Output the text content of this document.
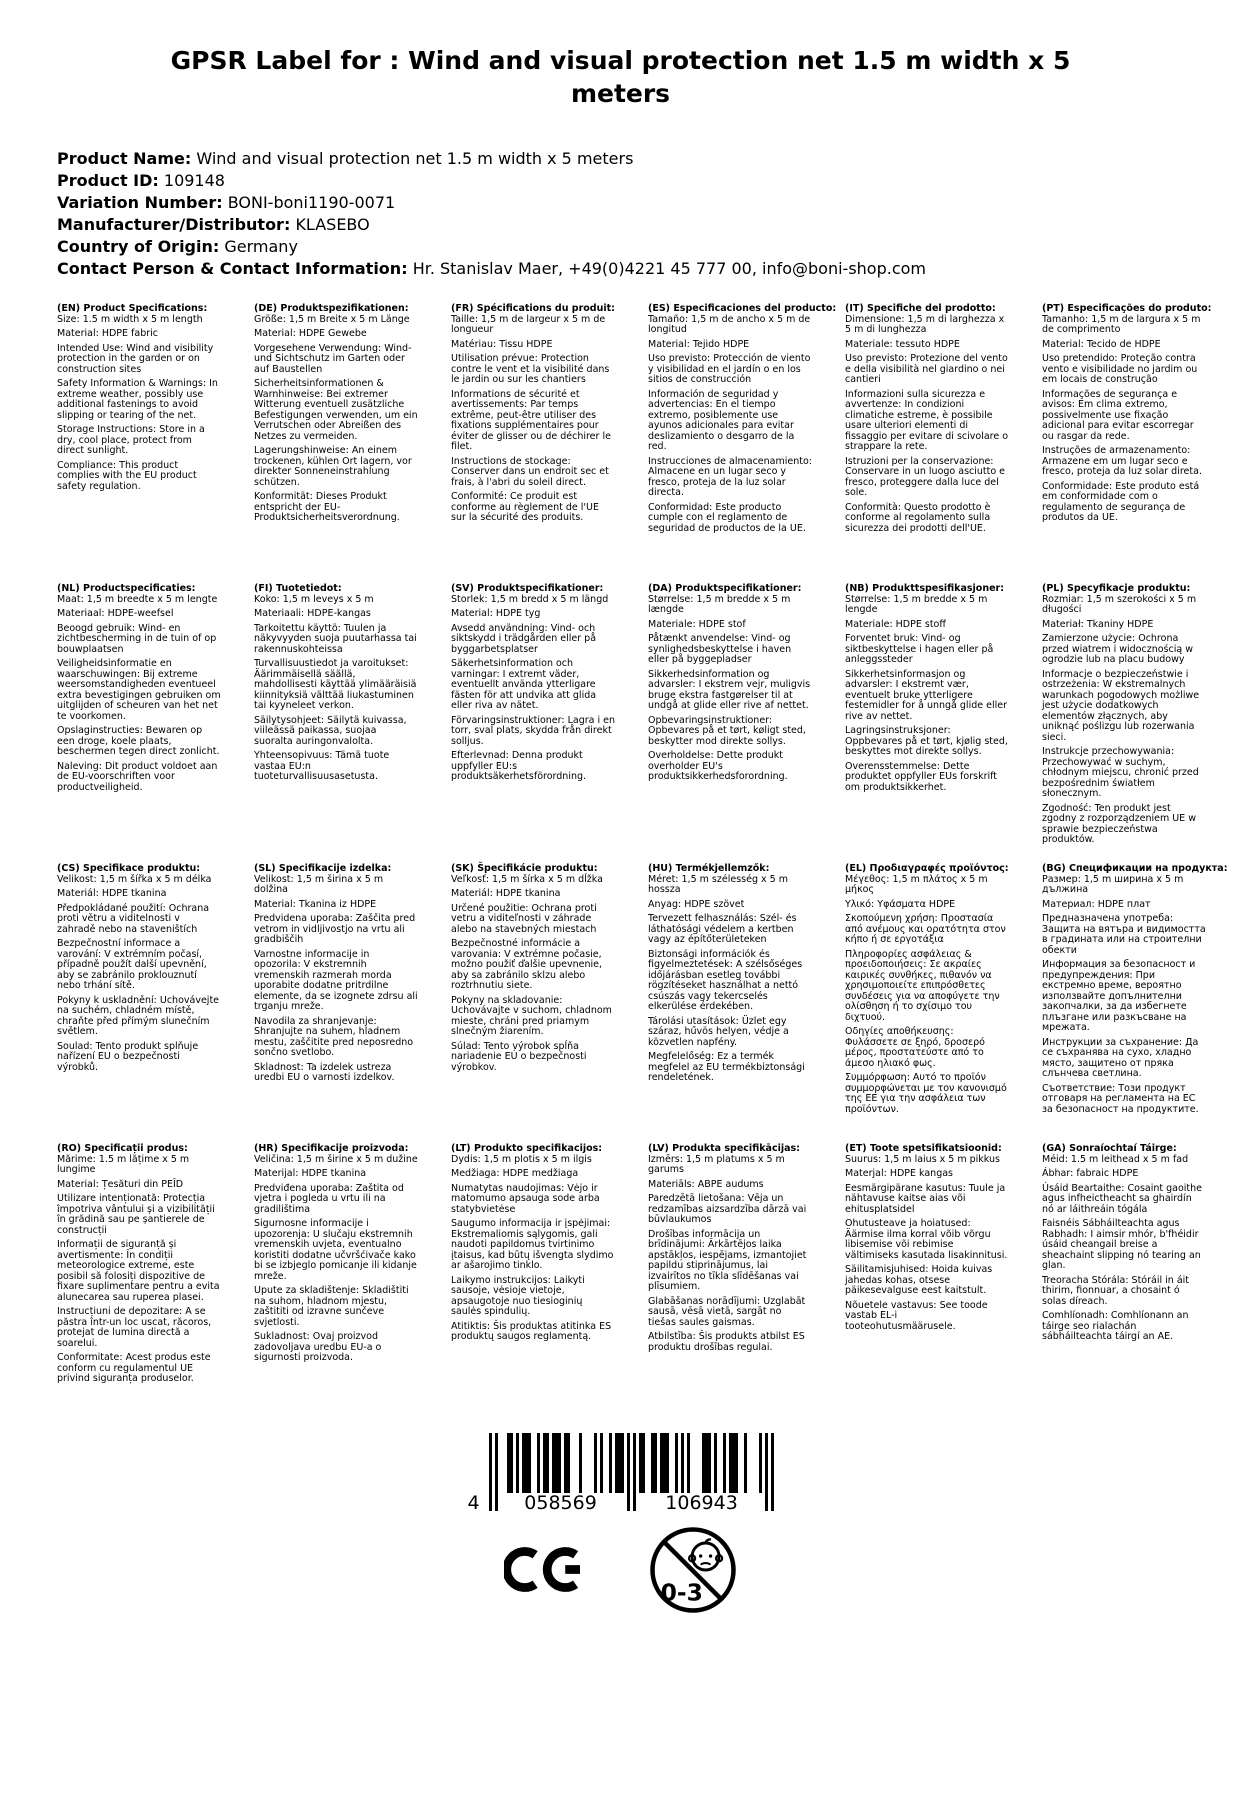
GPSR Label for : Wind and visual protection net 1.5 m width x 5 meters
Product Name: Wind and visual protection net 1.5 m width x 5 meters
Product ID: 109148
Variation Number: BONI-boni1190-0071
Manufacturer/Distributor: KLASEBO
Country of Origin: Germany
Contact Person & Contact Information: Hr. Stanislav Maer, +49(0)4221 45 777 00, info@boni-shop.com
(EN) Product Specifications:

Size: 1.5 m width x 5 m length

Material: HDPE fabric

Intended Use: Wind and visibility protection in the garden or on construction sites

Safety Information & Warnings: In extreme weather, possibly use additional fastenings to avoid slipping or tearing of the net.

Storage Instructions: Store in a dry, cool place, protect from direct sunlight.

Compliance: This product complies with the EU product safety regulation.

(DE) Produktspezifikationen:

Größe: 1,5 m Breite x 5 m Länge

Material: HDPE Gewebe

Vorgesehene Verwendung: Wind- und Sichtschutz im Garten oder auf Baustellen

Sicherheitsinformationen & Warnhinweise: Bei extremer Witterung eventuell zusätzliche Befestigungen verwenden, um ein Verrutschen oder Abreißen des Netzes zu vermeiden.

Lagerungshinweise: An einem trockenen, kühlen Ort lagern, vor direkter Sonneneinstrahlung schützen.

Konformität: Dieses Produkt entspricht der EU-Produktsicherheitsverordnung.

(FR) Spécifications du produit:

Taille: 1,5 m de largeur x 5 m de longueur

Matériau: Tissu HDPE

Utilisation prévue: Protection contre le vent et la visibilité dans le jardin ou sur les chantiers

Informations de sécurité et avertissements: Par temps extrême, peut-être utiliser des fixations supplémentaires pour éviter de glisser ou de déchirer le filet.

Instructions de stockage: Conserver dans un endroit sec et frais, à l'abri du soleil direct.

Conformité: Ce produit est conforme au règlement de l'UE sur la sécurité des produits.

(ES) Especificaciones del producto:

Tamaño: 1,5 m de ancho x 5 m de longitud

Material: Tejido HDPE

Uso previsto: Protección de viento y visibilidad en el jardín o en los sitios de construcción

Información de seguridad y advertencias: En el tiempo extremo, posiblemente use ayunos adicionales para evitar deslizamiento o desgarro de la red.

Instrucciones de almacenamiento: Almacene en un lugar seco y fresco, proteja de la luz solar directa.

Conformidad: Este producto cumple con el reglamento de seguridad de productos de la UE.

(IT) Specifiche del prodotto:

Dimensione: 1,5 m di larghezza x 5 m di lunghezza

Materiale: tessuto HDPE

Uso previsto: Protezione del vento e della visibilità nel giardino o nei cantieri

Informazioni sulla sicurezza e avvertenze: In condizioni climatiche estreme, è possibile usare ulteriori elementi di fissaggio per evitare di scivolare o strappare la rete.

Istruzioni per la conservazione: Conservare in un luogo asciutto e fresco, proteggere dalla luce del sole.

Conformità: Questo prodotto è conforme al regolamento sulla sicurezza dei prodotti dell'UE.

(PT) Especificações do produto:

Tamanho: 1,5 m de largura x 5 m de comprimento

Material: Tecido de HDPE

Uso pretendido: Proteção contra vento e visibilidade no jardim ou em locais de construção

Informações de segurança e avisos: Em clima extremo, possivelmente use fixação adicional para evitar escorregar ou rasgar da rede.

Instruções de armazenamento: Armazene em um lugar seco e fresco, proteja da luz solar direta.

Conformidade: Este produto está em conformidade com o regulamento de segurança de produtos da UE.

(NL) Productspecificaties:

Maat: 1,5 m breedte x 5 m lengte

Materiaal: HDPE-weefsel

Beoogd gebruik: Wind- en zichtbescherming in de tuin of op bouwplaatsen

Veiligheidsinformatie en waarschuwingen: Bij extreme weersomstandigheden eventueel extra bevestigingen gebruiken om uitglijden of scheuren van het net te voorkomen.

Opslaginstructies: Bewaren op een droge, koele plaats, beschermen tegen direct zonlicht.

Naleving: Dit product voldoet aan de EU-voorschriften voor productveiligheid.

(FI) Tuotetiedot:

Koko: 1,5 m leveys x 5 m

Materiaali: HDPE-kangas

Tarkoitettu käyttö: Tuulen ja näkyvyyden suoja puutarhassa tai rakennuskohteissa

Turvallisuustiedot ja varoitukset: Äärimmäisellä säällä, mahdollisesti käyttää ylimääräisiä kiinnityksiä välttää liukastuminen tai kyyneleet verkon.

Säilytysohjeet: Säilytä kuivassa, viileässä paikassa, suojaa suoralta auringonvalolta.

Yhteensopivuus: Tämä tuote vastaa EU:n tuoteturvallisuusasetusta.

(SV) Produktspecifikationer:

Storlek: 1,5 m bredd x 5 m längd

Material: HDPE tyg

Avsedd användning: Vind- och siktskydd i trädgården eller på byggarbetsplatser

Säkerhetsinformation och varningar: I extremt väder, eventuellt använda ytterligare fästen för att undvika att glida eller riva av nätet.

Förvaringsinstruktioner: Lagra i en torr, sval plats, skydda från direkt solljus.

Efterlevnad: Denna produkt uppfyller EU:s produktsäkerhetsförordning.

(DA) Produktspecifikationer:

Størrelse: 1,5 m bredde x 5 m længde

Materiale: HDPE stof

Påtænkt anvendelse: Vind- og synlighedsbeskyttelse i haven eller på byggepladser

Sikkerhedsinformation og advarsler: I ekstrem vejr, muligvis bruge ekstra fastgørelser til at undgå at glide eller rive af nettet.

Opbevaringsinstruktioner: Opbevares på et tørt, køligt sted, beskytter mod direkte sollys.

Overholdelse: Dette produkt overholder EU's produktsikkerhedsforordning.

(NB) Produkttspesifikasjoner:

Størrelse: 1,5 m bredde x 5 m lengde

Materiale: HDPE stoff

Forventet bruk: Vind- og siktbeskyttelse i hagen eller på anleggssteder

Sikkerhetsinformasjon og advarsler: I ekstremt vær, eventuelt bruke ytterligere festemidler for å unngå glide eller rive av nettet.

Lagringsinstruksjoner: Oppbevares på et tørt, kjølig sted, beskyttes mot direkte sollys.

Overensstemmelse: Dette produktet oppfyller EUs forskrift om produktsikkerhet.

(PL) Specyfikacje produktu:

Rozmiar: 1,5 m szerokości x 5 m długości

Materiał: Tkaniny HDPE

Zamierzone użycie: Ochrona przed wiatrem i widocznością w ogrodzie lub na placu budowy

Informacje o bezpieczeństwie i ostrzeżenia: W ekstremalnych warunkach pogodowych możliwe jest użycie dodatkowych elementów złącznych, aby uniknąć poślizgu lub rozerwania sieci.

Instrukcje przechowywania: Przechowywać w suchym, chłodnym miejscu, chronić przed bezpośrednim światłem słonecznym.

Zgodność: Ten produkt jest zgodny z rozporządzeniem UE w sprawie bezpieczeństwa produktów.

(CS) Specifikace produktu:

Velikost: 1,5 m šířka x 5 m délka

Materiál: HDPE tkanina

Předpokládané použití: Ochrana proti větru a viditelnosti v zahradě nebo na staveništích

Bezpečnostní informace a varování: V extrémním počasí, případně použít další upevnění, aby se zabránilo proklouznutí nebo trhání sítě.

Pokyny k uskladnění: Uchovávejte na suchém, chladném místě, chraňte před přímým slunečním světlem.

Soulad: Tento produkt splňuje nařízení EU o bezpečnosti výrobků.

(SL) Specifikacije izdelka:

Velikost: 1,5 m širina x 5 m dolžina

Material: Tkanina iz HDPE

Predvidena uporaba: Zaščita pred vetrom in vidljivostjo na vrtu ali gradbiščih

Varnostne informacije in opozorila: V ekstremnih vremenskih razmerah morda uporabite dodatne pritrdilne elemente, da se izognete zdrsu ali trganju mreže.

Navodila za shranjevanje: Shranjujte na suhem, hladnem mestu, zaščitite pred neposredno sončno svetlobo.

Skladnost: Ta izdelek ustreza uredbi EU o varnosti izdelkov.

(SK) Špecifikácie produktu:

Veľkosť: 1,5 m šírka x 5 m dĺžka

Materiál: HDPE tkanina

Určené použitie: Ochrana proti vetru a viditeľnosti v záhrade alebo na stavebných miestach

Bezpečnostné informácie a varovania: V extrémne počasie, možno použiť ďalšie upevnenie, aby sa zabránilo sklzu alebo roztrhnutiu siete.

Pokyny na skladovanie: Uchovávajte v suchom, chladnom mieste, chráni pred priamym slnečným žiarením.

Súlad: Tento výrobok spĺňa nariadenie EÚ o bezpečnosti výrobkov.

(HU) Termékjellemzők:

Méret: 1,5 m szélesség x 5 m hossza

Anyag: HDPE szövet

Tervezett felhasználás: Szél- és láthatósági védelem a kertben vagy az építőterületeken

Biztonsági információk és figyelmeztetések: A szélsőséges időjárásban esetleg további rögzítéseket használhat a nettó csúszás vagy tekercselés elkerülése érdekében.

Tárolási utasítások: Üzlet egy száraz, hűvös helyen, védje a közvetlen napfény.

Megfelelőség: Ez a termék megfelel az EU termékbiztonsági rendeletének.

(EL) Προδιαγραφές προϊόντος:

Μέγεθος: 1,5 m πλάτος x 5 m μήκος

Υλικό: Υφάσματα HDPE

Σκοπούμενη χρήση: Προστασία από ανέμους και ορατότητα στον κήπο ή σε εργοτάξια

Πληροφορίες ασφάλειας & προειδοποιήσεις: Σε ακραίες καιρικές συνθήκες, πιθανόν να χρησιμοποιείτε επιπρόσθετες συνδέσεις για να αποφύγετε την ολίσθηση ή το σχίσιμο του διχτυού.

Οδηγίες αποθήκευσης: Φυλάσσετε σε ξηρό, δροσερό μέρος, προστατεύστε από το άμεσο ηλιακό φως.

Συμμόρφωση: Αυτό το προϊόν συμμορφώνεται με τον κανονισμό της ΕΕ για την ασφάλεια των προϊόντων.

(BG) Спецификации на продукта:

Размер: 1,5 m ширина x 5 m дължина

Материал: HDPE плат

Предназначена употреба: Защита на вятъра и видимостта в градината или на строителни обекти

Информация за безопасност и предупреждения: При екстремно време, вероятно използвайте допълнителни закопчалки, за да избегнете плъзгане или разкъсване на мрежата.

Инструкции за съхранение: Да се съхранява на сухо, хладно място, защитено от пряка слънчева светлина.

Съответствие: Този продукт отговаря на регламента на ЕС за безопасност на продуктите.

(RO) Specificații produs:

Mărime: 1.5 m lățime x 5 m lungime

Material: Țesături din PEÎD

Utilizare intenționată: Protecția împotriva vântului și a vizibilității în grădină sau pe șantierele de construcții

Informații de siguranță și avertismente: În condiții meteorologice extreme, este posibil să folosiți dispozitive de fixare suplimentare pentru a evita alunecarea sau ruperea plasei.

Instrucțiuni de depozitare: A se păstra într-un loc uscat, răcoros, protejat de lumina directă a soarelui.

Conformitate: Acest produs este conform cu regulamentul UE privind siguranța produselor.

(HR) Specifikacije proizvoda:

Veličina: 1,5 m širine x 5 m dužine

Materijal: HDPE tkanina

Predviđena uporaba: Zaštita od vjetra i pogleda u vrtu ili na gradilištima

Sigurnosne informacije i upozorenja: U slučaju ekstremnih vremenskih uvjeta, eventualno koristiti dodatne učvršćivače kako bi se izbjeglo pomicanje ili kidanje mreže.

Upute za skladištenje: Skladištiti na suhom, hladnom mjestu, zaštititi od izravne sunčeve svjetlosti.

Sukladnost: Ovaj proizvod zadovoljava uredbu EU-a o sigurnosti proizvoda.

(LT) Produkto specifikacijos:

Dydis: 1,5 m plotis x 5 m ilgis

Medžiaga: HDPE medžiaga

Numatytas naudojimas: Vėjo ir matomumo apsauga sode arba statybvietėse

Saugumo informacija ir įspėjimai: Ekstremaliomis sąlygomis, gali naudoti papildomus tvirtinimo įtaisus, kad būtų išvengta slydimo ar ašarojimo tinklo.

Laikymo instrukcijos: Laikyti sausoje, vėsioje vietoje, apsaugotoje nuo tiesioginių saulės spindulių.

Atitiktis: Šis produktas atitinka ES produktų saugos reglamentą.

(LV) Produkta specifikācijas:

Izmērs: 1,5 m platums x 5 m garums

Materiāls: ABPE audums

Paredzētā lietošana: Vēja un redzamības aizsardzība dārzā vai būvlaukumos

Drošības informācija un brīdinājumi: Ārkārtējos laika apstākļos, iespējams, izmantojiet papildu stiprinājumus, lai izvairītos no tīkla slīdēšanas vai plīsumiem.

Glabāšanas norādījumi: Uzglabāt sausā, vēsā vietā, sargāt no tiešas saules gaismas.

Atbilstība: Šis produkts atbilst ES produktu drošības regulai.

(ET) Toote spetsifikatsioonid:

Suurus: 1,5 m laius x 5 m pikkus

Materjal: HDPE kangas

Eesmärgipärane kasutus: Tuule ja nähtavuse kaitse aias või ehitusplatsidel

Ohutusteave ja hoiatused: Äärmise ilma korral võib võrgu libisemise või rebimise vältimiseks kasutada lisakinnitusi.

Säilitamisjuhised: Hoida kuivas jahedas kohas, otsese päikesevalguse eest kaitstult.

Nõuetele vastavus: See toode vastab EL-i tooteohutusmäärusele.

(GA) Sonraíochtaí Táirge:

Méid: 1.5 m leithead x 5 m fad

Ábhar: fabraic HDPE

Úsáid Beartaithe: Cosaint gaoithe agus infheictheacht sa ghairdín nó ar láithreáin tógála

Faisnéis Sábháilteachta agus Rabhadh: I aimsir mhór, b'fhéidir úsáid cheangail breise a sheachaint slipping nó tearing an glan.

Treoracha Stórála: Stóráil in áit thirim, fionnuar, a chosaint ó solas díreach.

Comhlíonadh: Comhlíonann an táirge seo rialachán sábháilteachta táirgí an AE.

4	058569	106943
0-3
